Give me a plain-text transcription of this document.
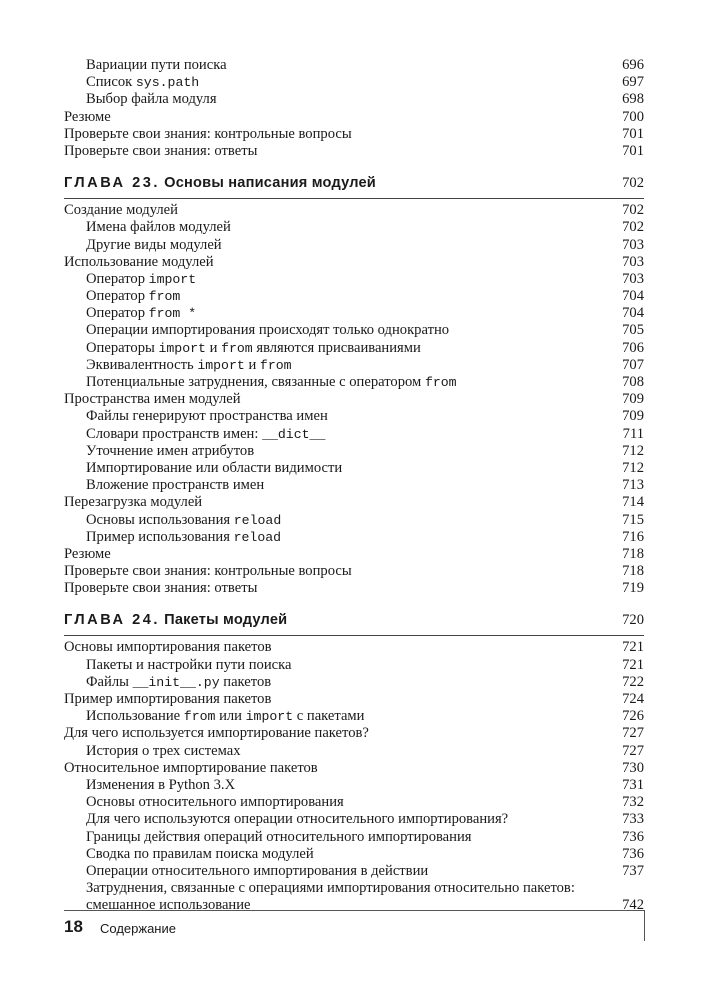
Вариации пути поиска	696
Список sys.path	697
Выбор файла модуля	698
Резюме	700
Проверьте свои знания: контрольные вопросы	701
Проверьте свои знания: ответы	701
ГЛАВА 23. Основы написания модулей	702
Создание модулей	702
Имена файлов модулей	702
Другие виды модулей	703
Использование модулей	703
Оператор import	703
Оператор from	704
Оператор from *	704
Операции импортирования происходят только однократно	705
Операторы import и from являются присваиваниями	706
Эквивалентность import и from	707
Потенциальные затруднения, связанные с оператором from	708
Пространства имен модулей	709
Файлы генерируют пространства имен	709
Словари пространств имен: __dict__	711
Уточнение имен атрибутов	712
Импортирование или области видимости	712
Вложение пространств имен	713
Перезагрузка модулей	714
Основы использования reload	715
Пример использования reload	716
Резюме	718
Проверьте свои знания: контрольные вопросы	718
Проверьте свои знания: ответы	719
ГЛАВА 24. Пакеты модулей	720
Основы импортирования пакетов	721
Пакеты и настройки пути поиска	721
Файлы __init__.py пакетов	722
Пример импортирования пакетов	724
Использование from или import с пакетами	726
Для чего используется импортирование пакетов?	727
История о трех системах	727
Относительное импортирование пакетов	730
Изменения в Python 3.X	731
Основы относительного импортирования	732
Для чего используются операции относительного импортирования?	733
Границы действия операций относительного импортирования	736
Сводка по правилам поиска модулей	736
Операции относительного импортирования в действии	737
Затруднения, связанные с операциями импортирования относительно пакетов: смешанное использование	742
18 Содержание
